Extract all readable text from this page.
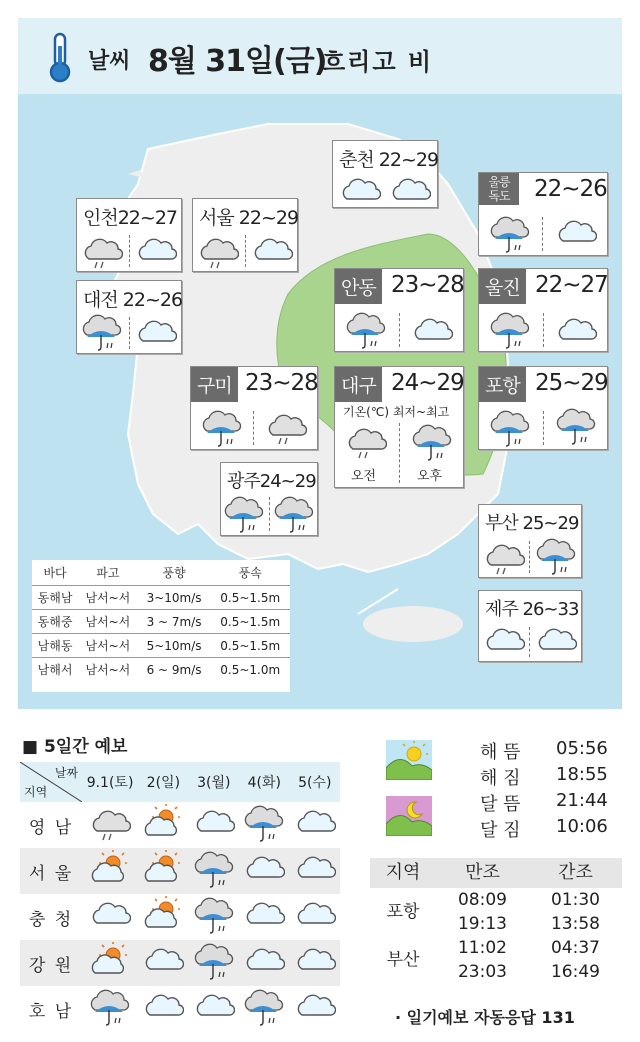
날씨 8월 31일(금)
흐리고 비
춘천 22~29
울릉 독도	22~26
인천22~27 서울 22~29
대전 22~26
안동 23~28	울진 22~27
구미 23~28	대구 24~29
기온(℃) 최저~최고
오전	오후
포항 25~29
광주24~29
부산 25~29
제주 26~33
바다	파고	풍향	풍속
동해남	남서~서	3~10m/s	0.5~1.5m
동해중	남서~서	3 ~ 7m/s	0.5~1.5m
남해동	남서~서	5~10m/s	0.5~1.5m
남해서	남서~서	6 ~ 9m/s	0.5~1.0m
■ 5일간 예보
날짜
지역	9.1(토)	2(일)	3(월)	4(화)	5(수)
영 남					
서 울					
충 청					
강 원					
호 남					
해 뜸 05:56
해 짐 18:55
달 뜸 21:44
달 짐 10:06
지역	만조	간조
포항	08:09	01:30
	19:13	13:58
부산	11:02	04:37
	23:03	16:49
· 일기예보 자동응답 131
